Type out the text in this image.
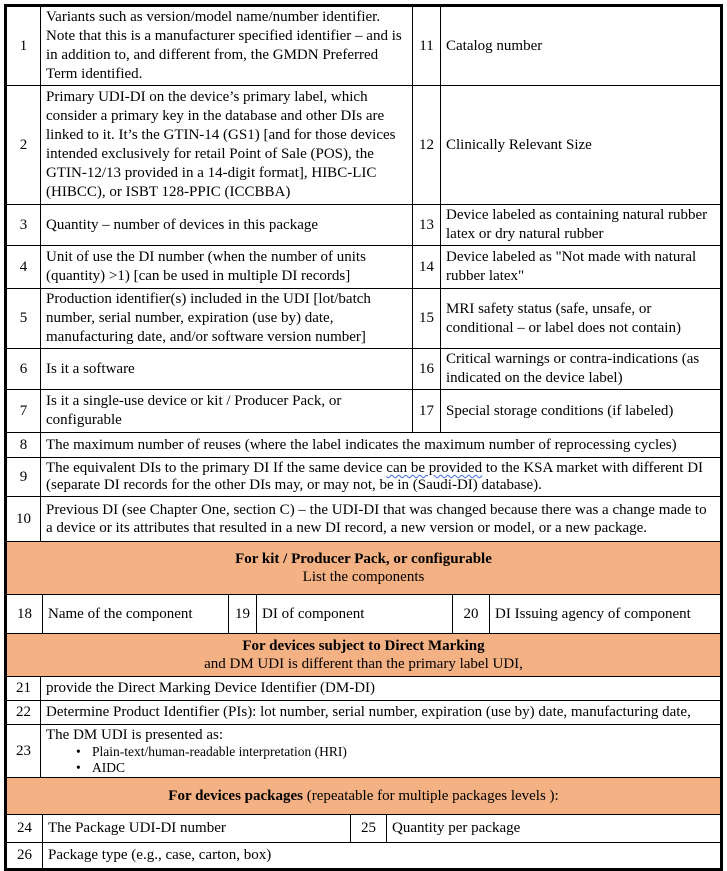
1	Variants such as version/model name/number identifier. Note that this is a manufacturer specified identifier – and is in addition to, and different from, the GMDN Preferred Term identified.	11	Catalog number
2	Primary UDI-DI on the device’s primary label, which consider a primary key in the database and other DIs are linked to it. It’s the GTIN-14 (GS1) [and for those devices intended exclusively for retail Point of Sale (POS), the GTIN-12/13 provided in a 14-digit format], HIBC-LIC (HIBCC), or ISBT 128-PPIC (ICCBBA)	12	Clinically Relevant Size
3	Quantity – number of devices in this package	13	Device labeled as containing natural rubber latex or dry natural rubber
4	Unit of use the DI number (when the number of units (quantity) >1) [can be used in multiple DI records]	14	Device labeled as "Not made with natural rubber latex"
5	Production identifier(s) included in the UDI [lot/batch number, serial number, expiration (use by) date, manufacturing date, and/or software version number]	15	MRI safety status (safe, unsafe, or conditional – or label does not contain)
6	Is it a software	16	Critical warnings or contra-indications (as indicated on the device label)
7	Is it a single-use device or kit / Producer Pack, or configurable	17	Special storage conditions (if labeled)
8	The maximum number of reuses (where the label indicates the maximum number of reprocessing cycles)
9	The equivalent DIs to the primary DI If the same device can be provided to the KSA market with different DI (separate DI records for the other DIs may, or may not, be in (Saudi-DI) database).
10	Previous DI (see Chapter One, section C) – the UDI-DI that was changed because there was a change made to a device or its attributes that resulted in a new DI record, a new version or model, or a new package.
For kit / Producer Pack, or configurable
List the components
18	Name of the component	19	DI of component	20	DI Issuing agency of component
For devices subject to Direct Marking
and DM UDI is different than the primary label UDI,
21	provide the Direct Marking Device Identifier (DM-DI)
22	Determine Product Identifier (PIs): lot number, serial number, expiration (use by) date, manufacturing date,
23	The DM UDI is presented as:
• Plain-text/human-readable interpretation (HRI)
• AIDC
For devices packages (repeatable for multiple packages levels ):
24	The Package UDI-DI number	25	Quantity per package
26	Package type (e.g., case, carton, box)
